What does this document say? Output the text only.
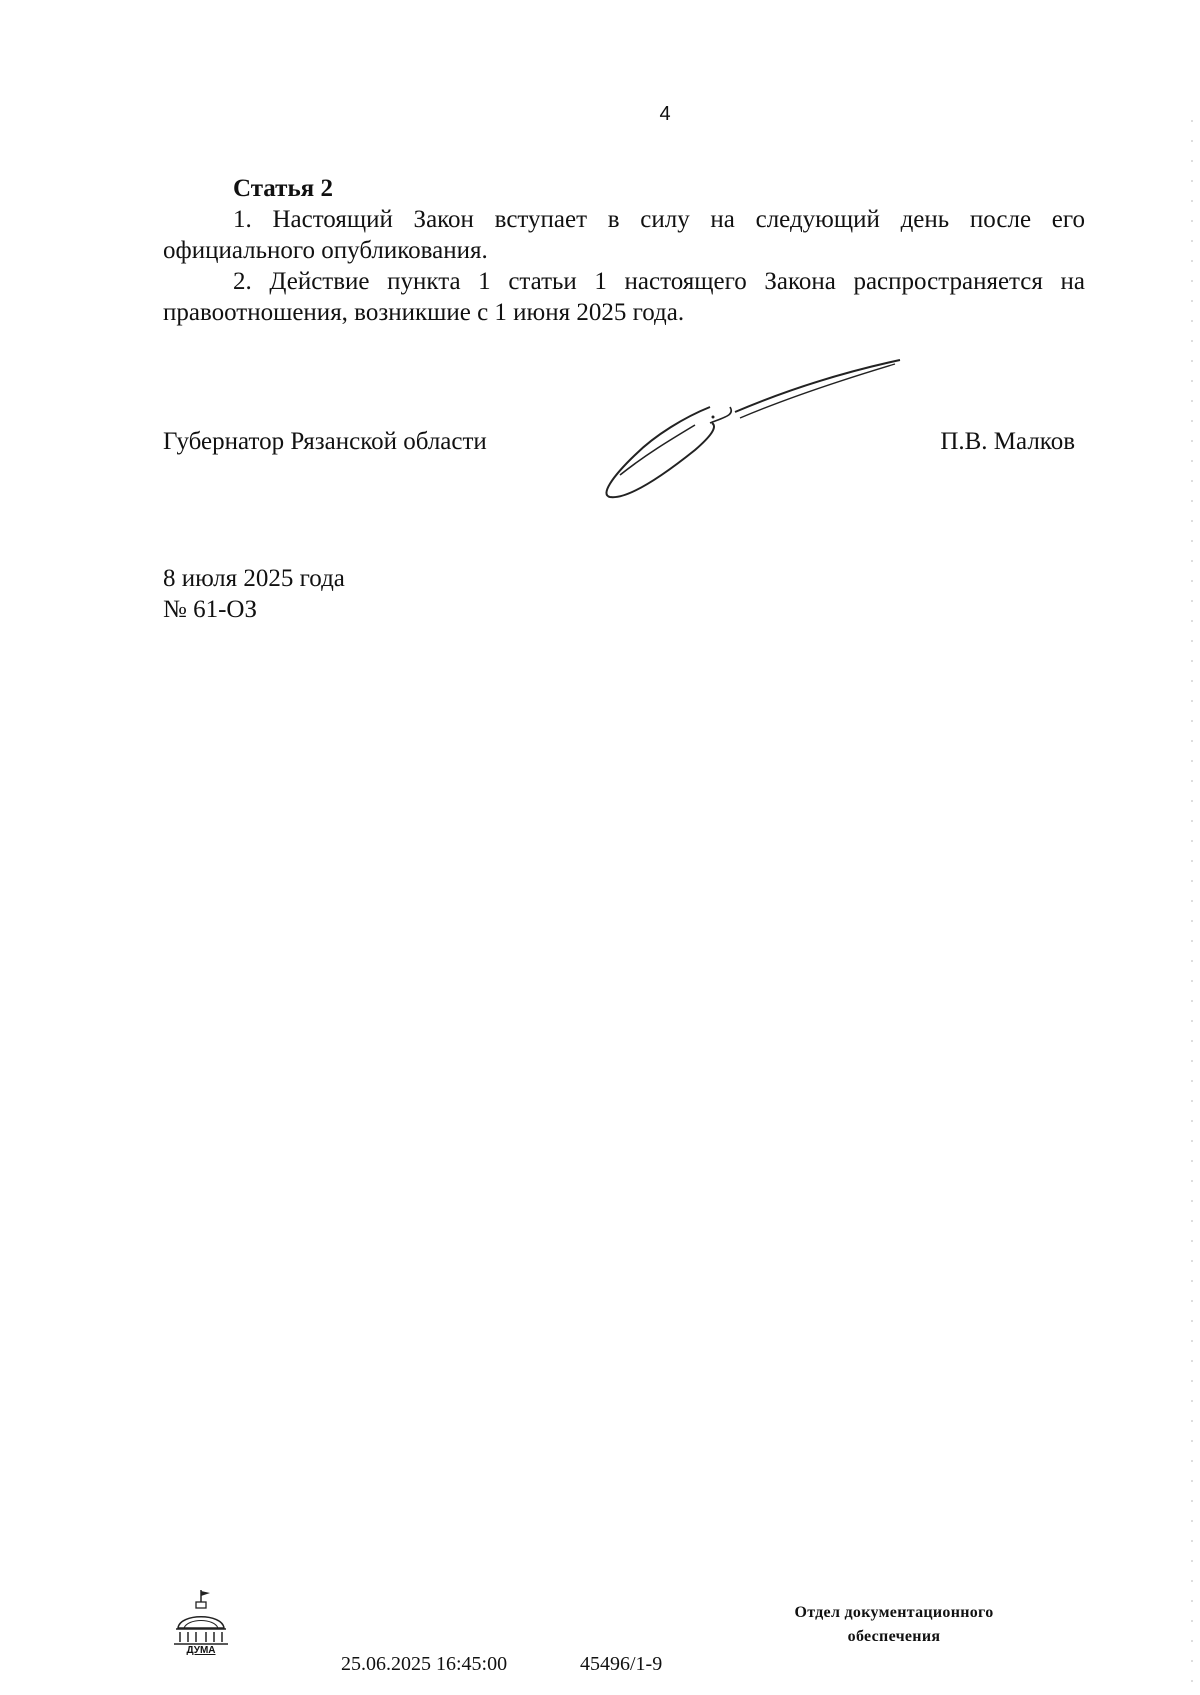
4
Статья 2

1. Настоящий Закон вступает в силу на следующий день после его официального опубликования.

2. Действие пункта 1 статьи 1 настоящего Закона распространяется на правоотношения, возникшие с 1 июня 2025 года.

Губернатор Рязанской области	П.В. Малков
8 июля 2025 года
№ 61-ОЗ
ДУМА
25.06.2025 16:45:00	45496/1-9
Отдел документационного
обеспечения
